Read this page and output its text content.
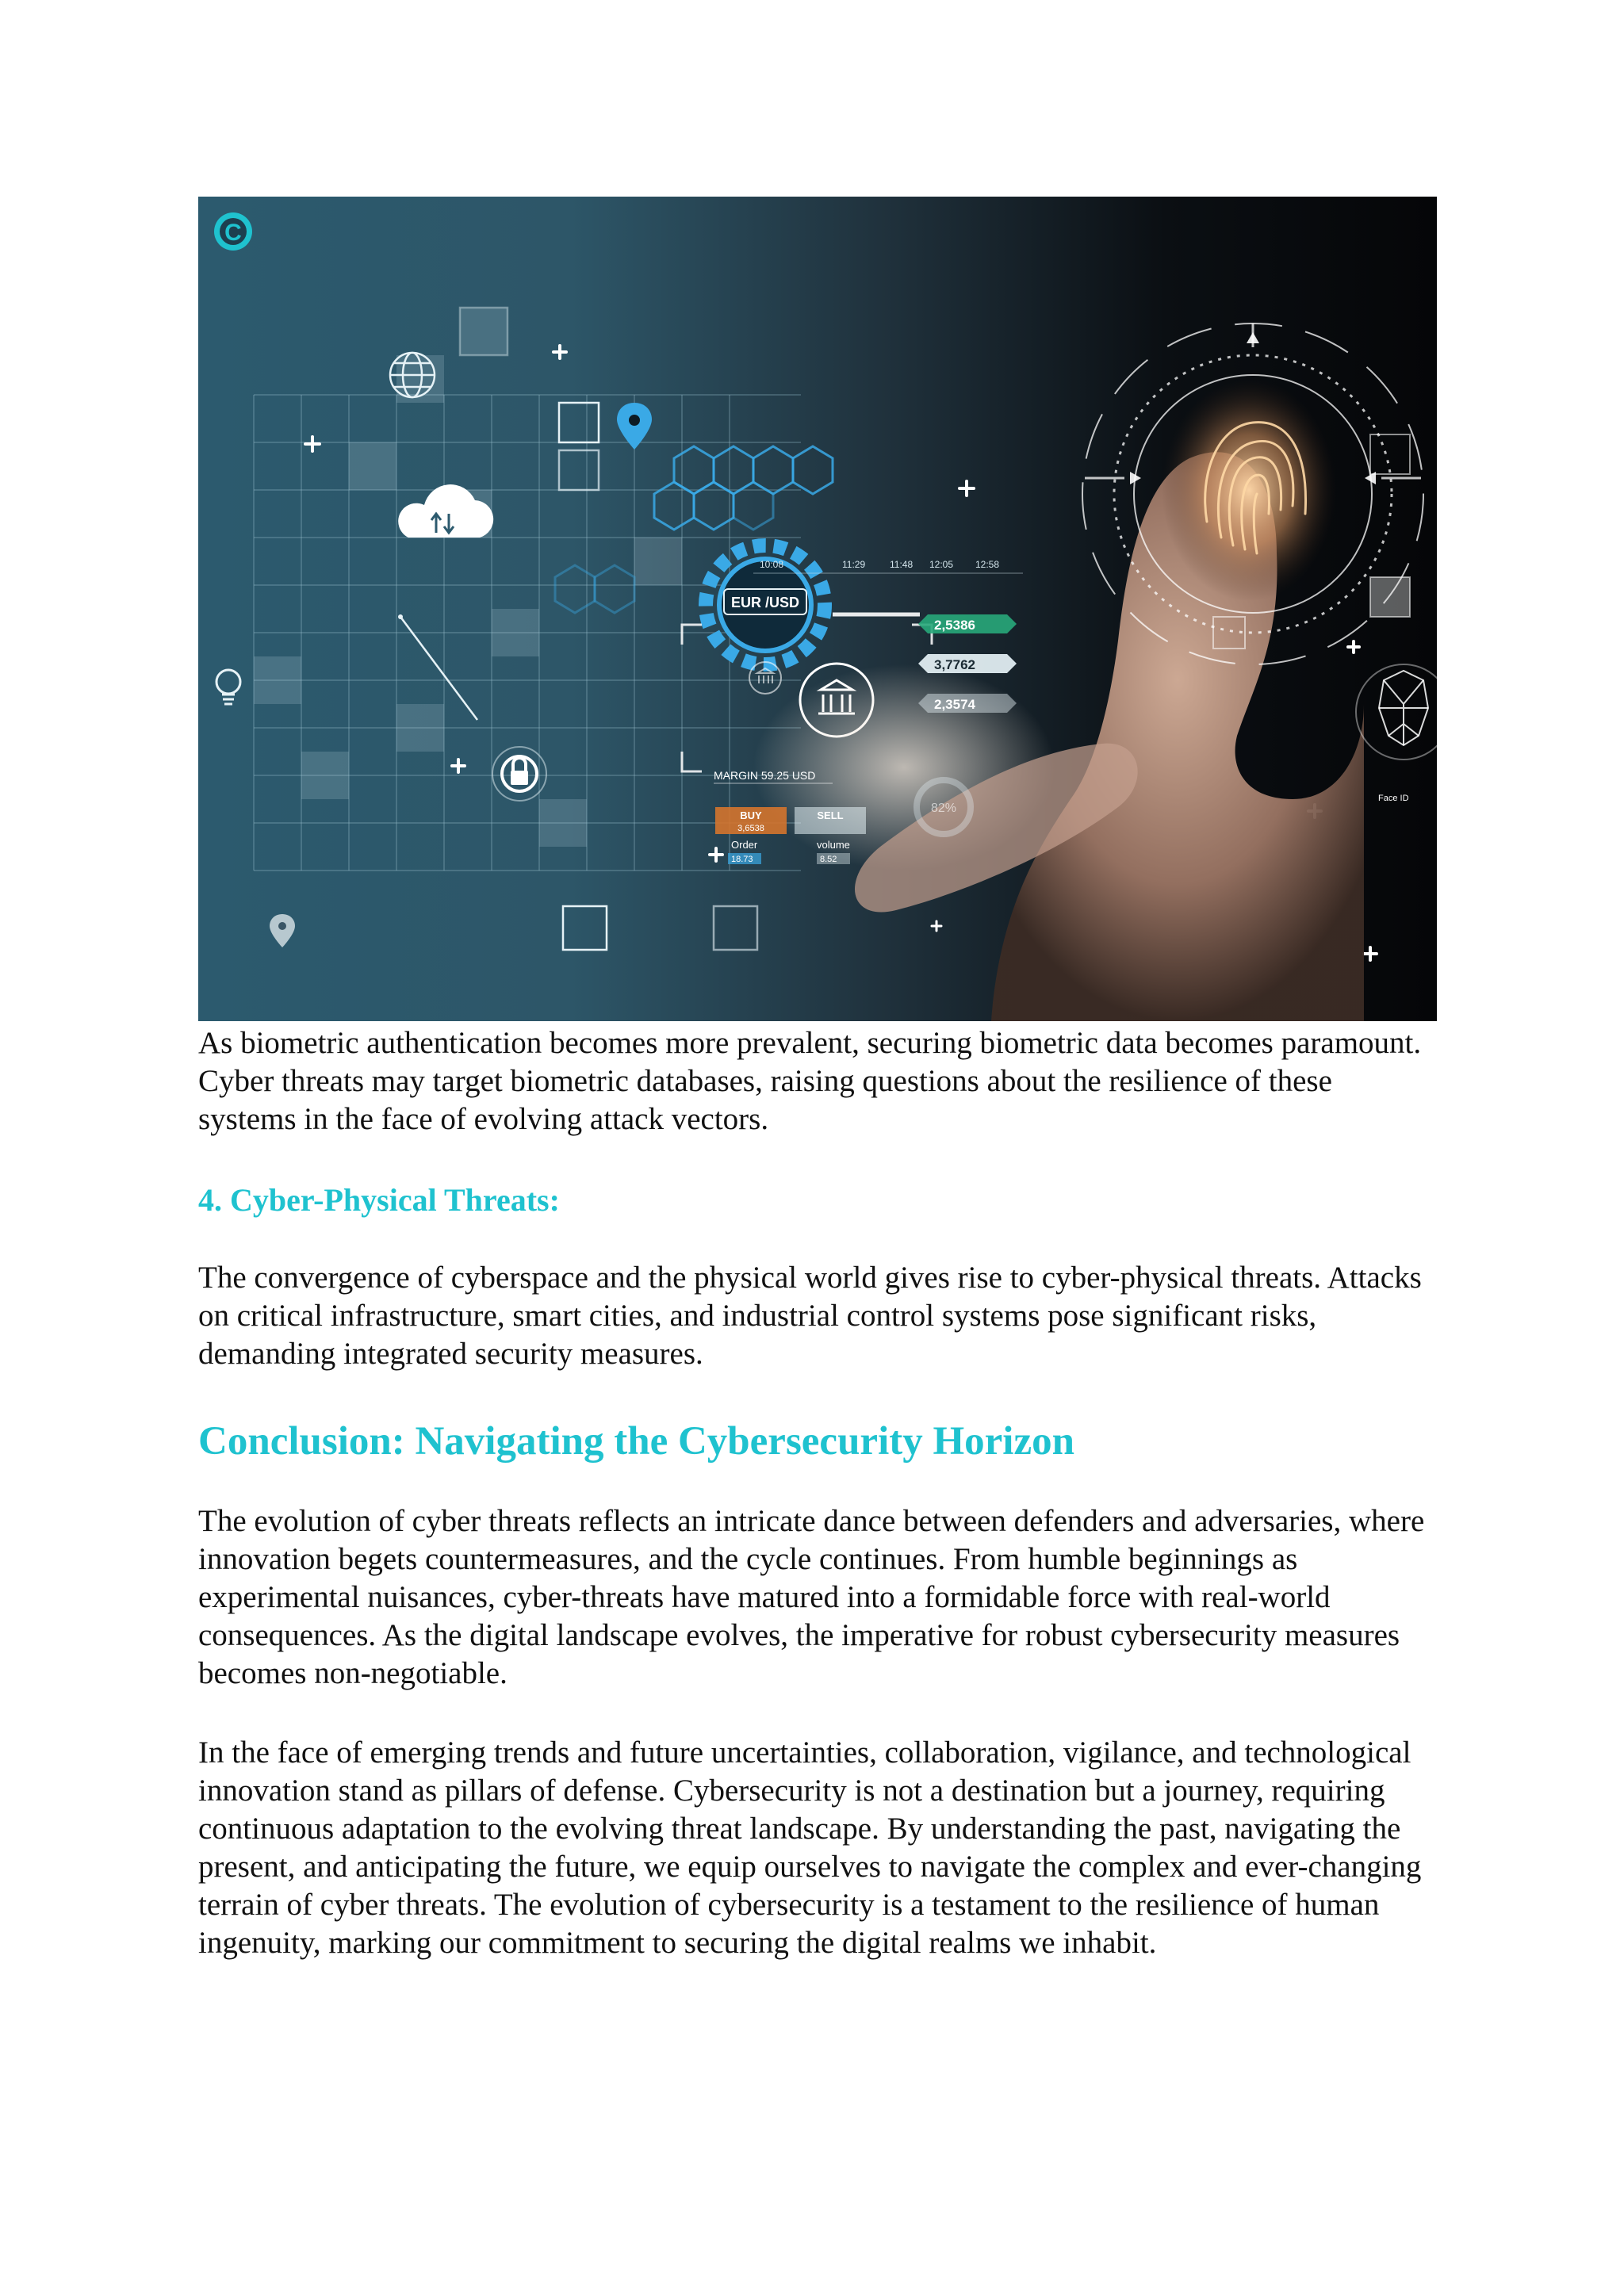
C
EUR /USD
10:08	11:29	11:48 12:05 12:58
2,5386
3,7762
2,3574
MARGIN 59.25 USD
BUY
3,6538
SELL
Order
18.73
volume
8.52
82%
Face ID

As biometric authentication becomes more prevalent, securing biometric data becomes paramount. Cyber threats may target biometric databases, raising questions about the resilience of these systems in the face of evolving attack vectors.

4. Cyber-Physical Threats:

The convergence of cyberspace and the physical world gives rise to cyber-physical threats. Attacks on critical infrastructure, smart cities, and industrial control systems pose significant risks, demanding integrated security measures.

Conclusion: Navigating the Cybersecurity Horizon

The evolution of cyber threats reflects an intricate dance between defenders and adversaries, where innovation begets countermeasures, and the cycle continues. From humble beginnings as experimental nuisances, cyber-threats have matured into a formidable force with real-world consequences. As the digital landscape evolves, the imperative for robust cybersecurity measures becomes non-negotiable.

In the face of emerging trends and future uncertainties, collaboration, vigilance, and technological innovation stand as pillars of defense. Cybersecurity is not a destination but a journey, requiring continuous adaptation to the evolving threat landscape. By understanding the past, navigating the present, and anticipating the future, we equip ourselves to navigate the complex and ever-changing terrain of cyber threats. The evolution of cybersecurity is a testament to the resilience of human ingenuity, marking our commitment to securing the digital realms we inhabit.
